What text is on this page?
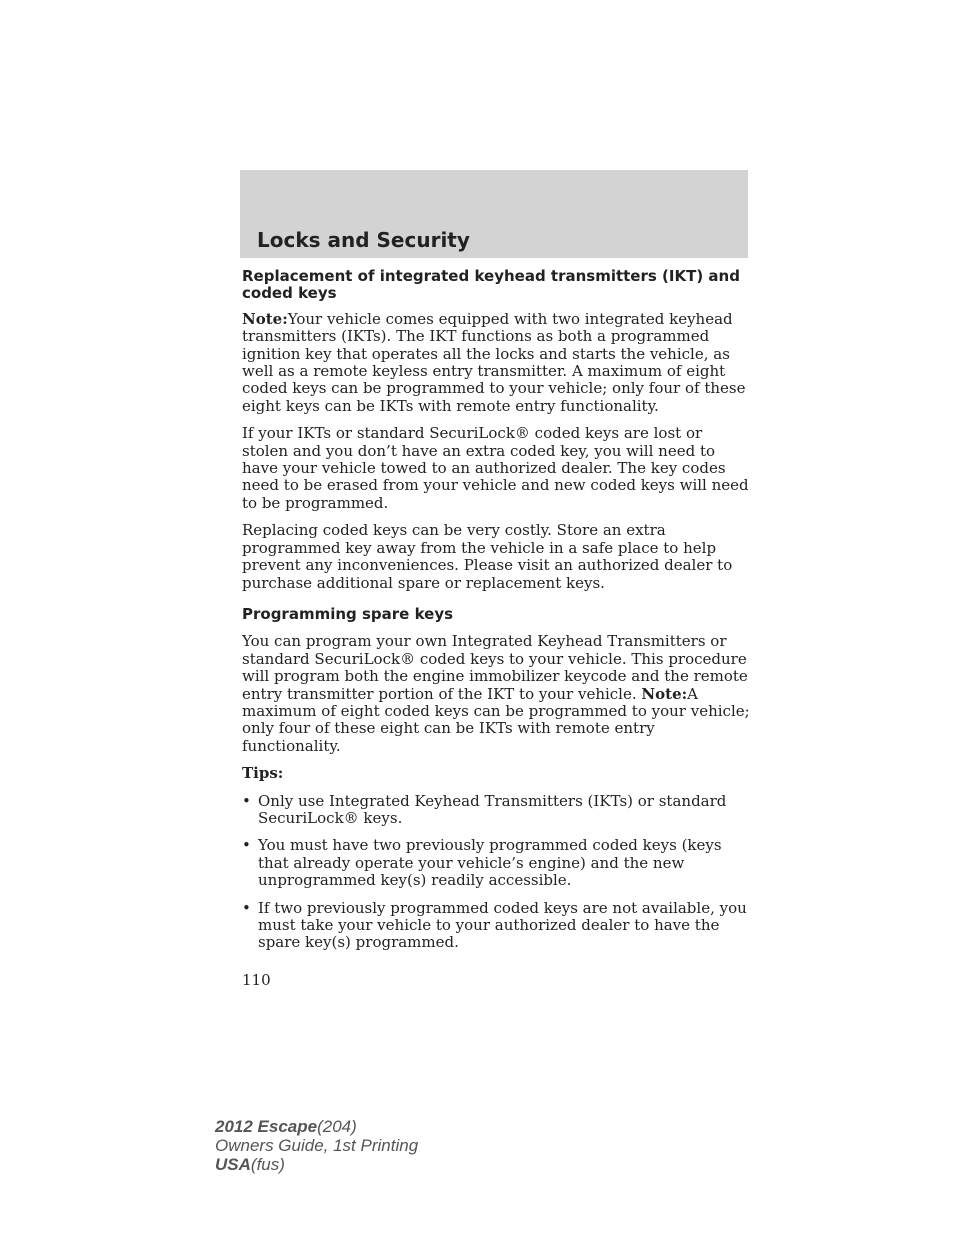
Locks and Security
Replacement of integrated keyhead transmitters (IKT) and coded keys

Note:Your vehicle comes equipped with two integrated keyhead transmitters (IKTs). The IKT functions as both a programmed ignition key that operates all the locks and starts the vehicle, as well as a remote keyless entry transmitter. A maximum of eight coded keys can be programmed to your vehicle; only four of these eight keys can be IKTs with remote entry functionality.

If your IKTs or standard SecuriLock® coded keys are lost or stolen and you don’t have an extra coded key, you will need to have your vehicle towed to an authorized dealer. The key codes need to be erased from your vehicle and new coded keys will need to be programmed.

Replacing coded keys can be very costly. Store an extra programmed key away from the vehicle in a safe place to help prevent any inconveniences. Please visit an authorized dealer to purchase additional spare or replacement keys.

Programming spare keys

You can program your own Integrated Keyhead Transmitters or standard SecuriLock® coded keys to your vehicle. This procedure will program both the engine immobilizer keycode and the remote entry transmitter portion of the IKT to your vehicle. Note:A maximum of eight coded keys can be programmed to your vehicle; only four of these eight can be IKTs with remote entry functionality.

Tips:

• Only use Integrated Keyhead Transmitters (IKTs) or standard SecuriLock® keys.
• You must have two previously programmed coded keys (keys that already operate your vehicle’s engine) and the new unprogrammed key(s) readily accessible.
• If two previously programmed coded keys are not available, you must take your vehicle to your authorized dealer to have the spare key(s) programmed.
110
2012 Escape(204)
Owners Guide, 1st Printing
USA(fus)
